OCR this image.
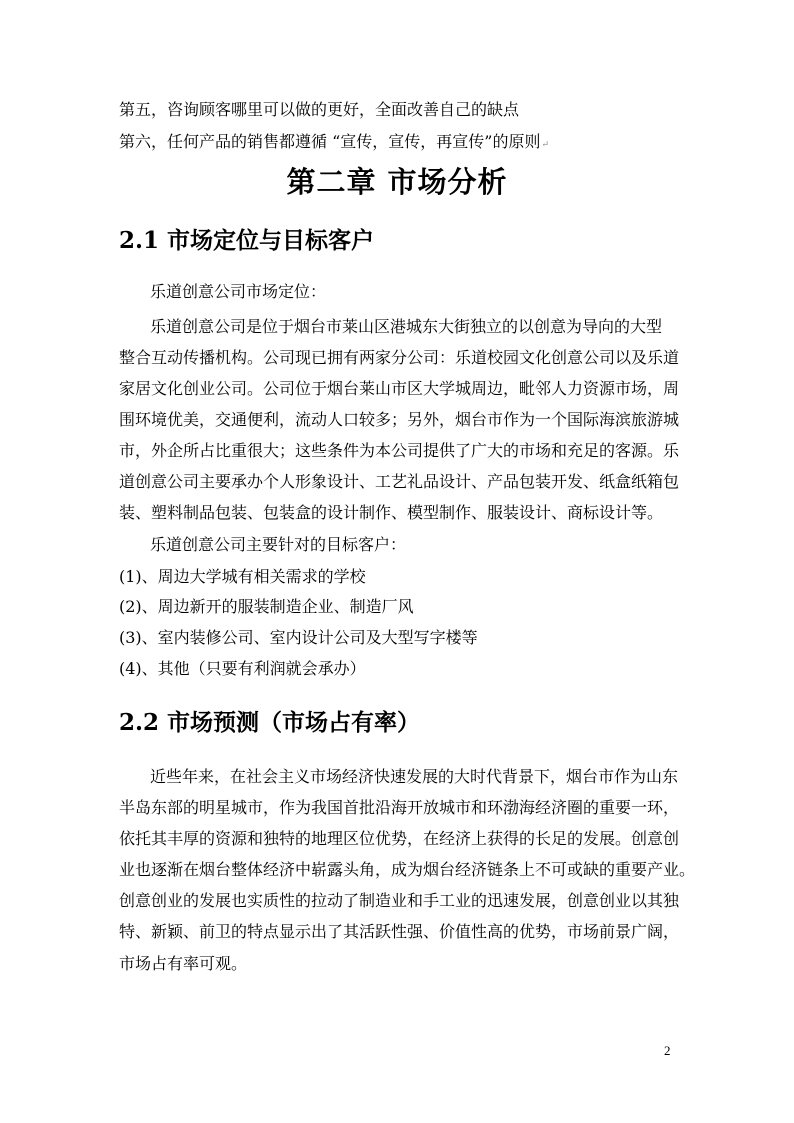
第五，咨询顾客哪里可以做的更好，全面改善自己的缺点
第六，任何产品的销售都遵循 “宣传，宣传，再宣传”的原则↵
第二章 市场分析
2.1 市场定位与目标客户
乐道创意公司市场定位：
乐道创意公司是位于烟台市莱山区港城东大街独立的以创意为导向的大型
整合互动传播机构。公司现已拥有两家分公司：乐道校园文化创意公司以及乐道
家居文化创业公司。公司位于烟台莱山市区大学城周边，毗邻人力资源市场，周
围环境优美，交通便利，流动人口较多；另外，烟台市作为一个国际海滨旅游城
市，外企所占比重很大；这些条件为本公司提供了广大的市场和充足的客源。乐
道创意公司主要承办个人形象设计、工艺礼品设计、产品包装开发、纸盒纸箱包
装、塑料制品包装、包装盒的设计制作、模型制作、服装设计、商标设计等。
乐道创意公司主要针对的目标客户：
(1)、周边大学城有相关需求的学校
(2)、周边新开的服装制造企业、制造厂风
(3)、室内装修公司、室内设计公司及大型写字楼等
(4)、其他（只要有利润就会承办）
2.2 市场预测（市场占有率）
近些年来，在社会主义市场经济快速发展的大时代背景下，烟台市作为山东
半岛东部的明星城市，作为我国首批沿海开放城市和环渤海经济圈的重要一环，
依托其丰厚的资源和独特的地理区位优势，在经济上获得的长足的发展。创意创
业也逐渐在烟台整体经济中崭露头角，成为烟台经济链条上不可或缺的重要产业。
创意创业的发展也实质性的拉动了制造业和手工业的迅速发展，创意创业以其独
特、新颖、前卫的特点显示出了其活跃性强、价值性高的优势，市场前景广阔，
市场占有率可观。
2
